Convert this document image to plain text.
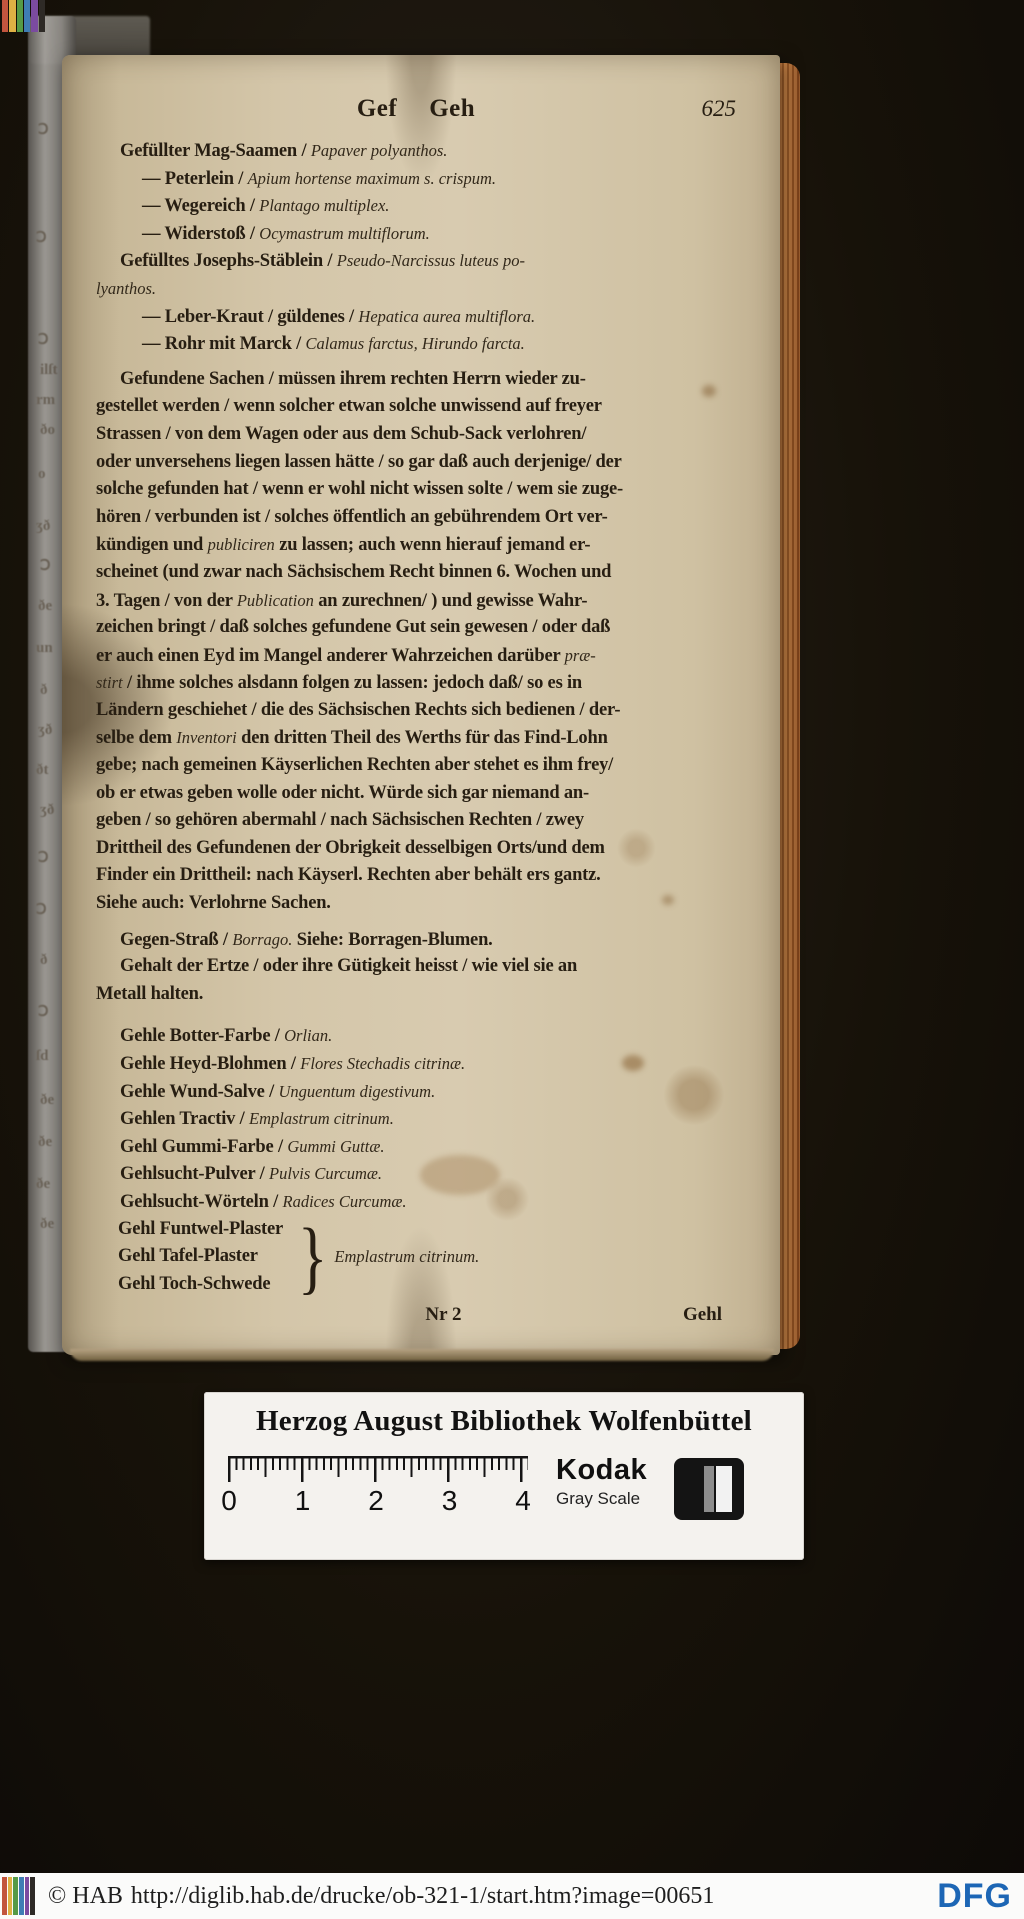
Ↄ
Ↄ
Ↄ
ilſt
rm
ðo
o
ʒð
Ↄ
ðe
un
ð
ʒð
ðt
ʒð
Ↄ
Ↄ
ð
Ↄ
ſd
ðe
ðe
ðe
ðe
Gef Geh	625
Gefüllter Mag-Saamen / Papaver polyanthos.
— Peterlein / Apium hortense maximum s. crispum.
— Wegereich / Plantago multiplex.
— Widerstoß / Ocymastrum multiflorum.
Gefülltes Josephs-Stäblein / Pseudo-Narcissus luteus po-
lyanthos.
— Leber-Kraut / güldenes / Hepatica aurea multiflora.
— Rohr mit Marck / Calamus farctus, Hirundo farcta.
Gefundene Sachen / müssen ihrem rechten Herrn wieder zu-
gestellet werden / wenn solcher etwan solche unwissend auf freyer
Strassen / von dem Wagen oder aus dem Schub-Sack verlohren/
oder unversehens liegen lassen hätte / so gar daß auch derjenige/ der
solche gefunden hat / wenn er wohl nicht wissen solte / wem sie zuge-
hören / verbunden ist / solches öffentlich an gebührendem Ort ver-
kündigen und publiciren zu lassen; auch wenn hierauf jemand er-
scheinet (und zwar nach Sächsischem Recht binnen 6. Wochen und
3. Tagen / von der Publication an zurechnen/ ) und gewisse Wahr-
zeichen bringt / daß solches gefundene Gut sein gewesen / oder daß
er auch einen Eyd im Mangel anderer Wahrzeichen darüber præ-
stirt / ihme solches alsdann folgen zu lassen: jedoch daß/ so es in
Ländern geschiehet / die des Sächsischen Rechts sich bedienen / der-
selbe dem Inventori den dritten Theil des Werths für das Find-Lohn
gebe; nach gemeinen Käyserlichen Rechten aber stehet es ihm frey/
ob er etwas geben wolle oder nicht. Würde sich gar niemand an-
geben / so gehören abermahl / nach Sächsischen Rechten / zwey
Drittheil des Gefundenen der Obrigkeit desselbigen Orts/und dem
Finder ein Drittheil: nach Käyserl. Rechten aber behält ers gantz.
Siehe auch: Verlohrne Sachen.
Gegen-Straß / Borrago. Siehe: Borragen-Blumen.
Gehalt der Ertze / oder ihre Gütigkeit heisst / wie viel sie an
Metall halten.
Gehle Botter-Farbe / Orlian.
Gehle Heyd-Blohmen / Flores Stechadis citrinæ.
Gehle Wund-Salve / Unguentum digestivum.
Gehlen Tractiv / Emplastrum citrinum.
Gehl Gummi-Farbe / Gummi Guttæ.
Gehlsucht-Pulver / Pulvis Curcumæ.
Gehlsucht-Wörteln / Radices Curcumæ.
Gehl Funtwel-Plaster
Gehl Tafel-Plaster
Gehl Toch-Schwede } Emplastrum citrinum.
Nr 2	Gehl
Herzog August Bibliothek Wolfenbüttel
0 1 2 3 4
Kodak
Gray Scale
© HAB http://diglib.hab.de/drucke/ob-321-1/start.htm?image=00651	DFG
